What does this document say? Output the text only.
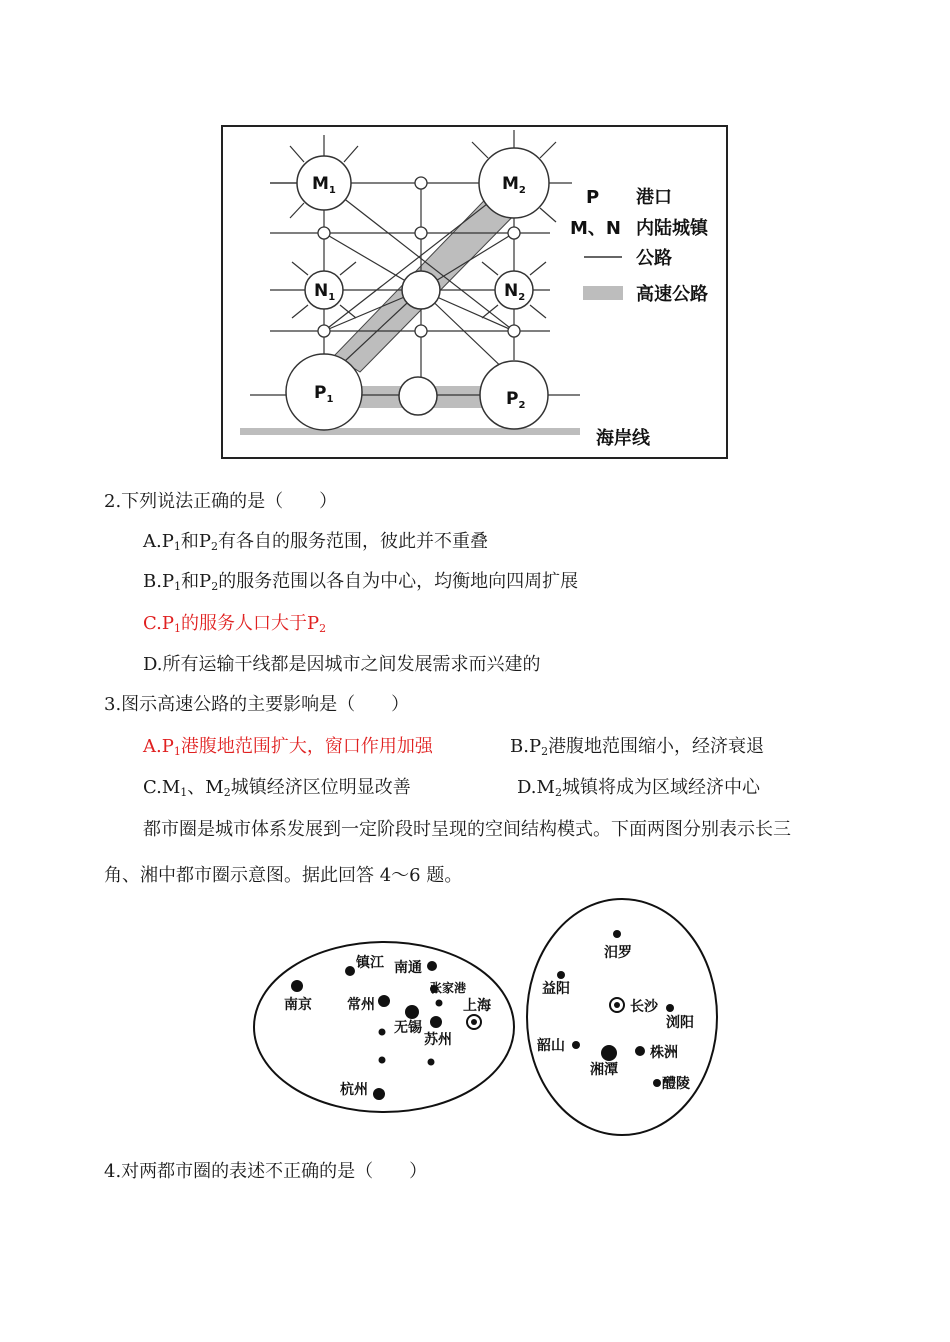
$M_1$	$M_2$
$N_1$	$N_2$
$P_1$	$P_2$
P 港口
M、N 内陆城镇
公路
高速公路
海岸线
2.下列说法正确的是（　　）
$A.P_1$和$P_2$有各自的服务范围，彼此并不重叠
$B.P_1$和$P_2$的服务范围以各自为中心，均衡地向四周扩展
$C.P_1$的服务人口大于$P_2$
D.所有运输干线都是因城市之间发展需求而兴建的
3.图示高速公路的主要影响是（　　）
$A.P_1$港腹地范围扩大，窗口作用加强	$B.P_2$港腹地范围缩小，经济衰退
$C.M_1$、$M_2$城镇经济区位明显改善	$D.M_2$城镇将成为区域经济中心
都市圈是城市体系发展到一定阶段时呈现的空间结构模式。下面两图分别表示长三
角、湘中都市圈示意图。据此回答 4～6 题。
镇江 南通
南京	常州
张家港
上海
无锡
苏州
杭州
汨罗
益阳
长沙
浏阳
韶山	株洲
湘潭
醴陵
4.对两都市圈的表述不正确的是（　　）
